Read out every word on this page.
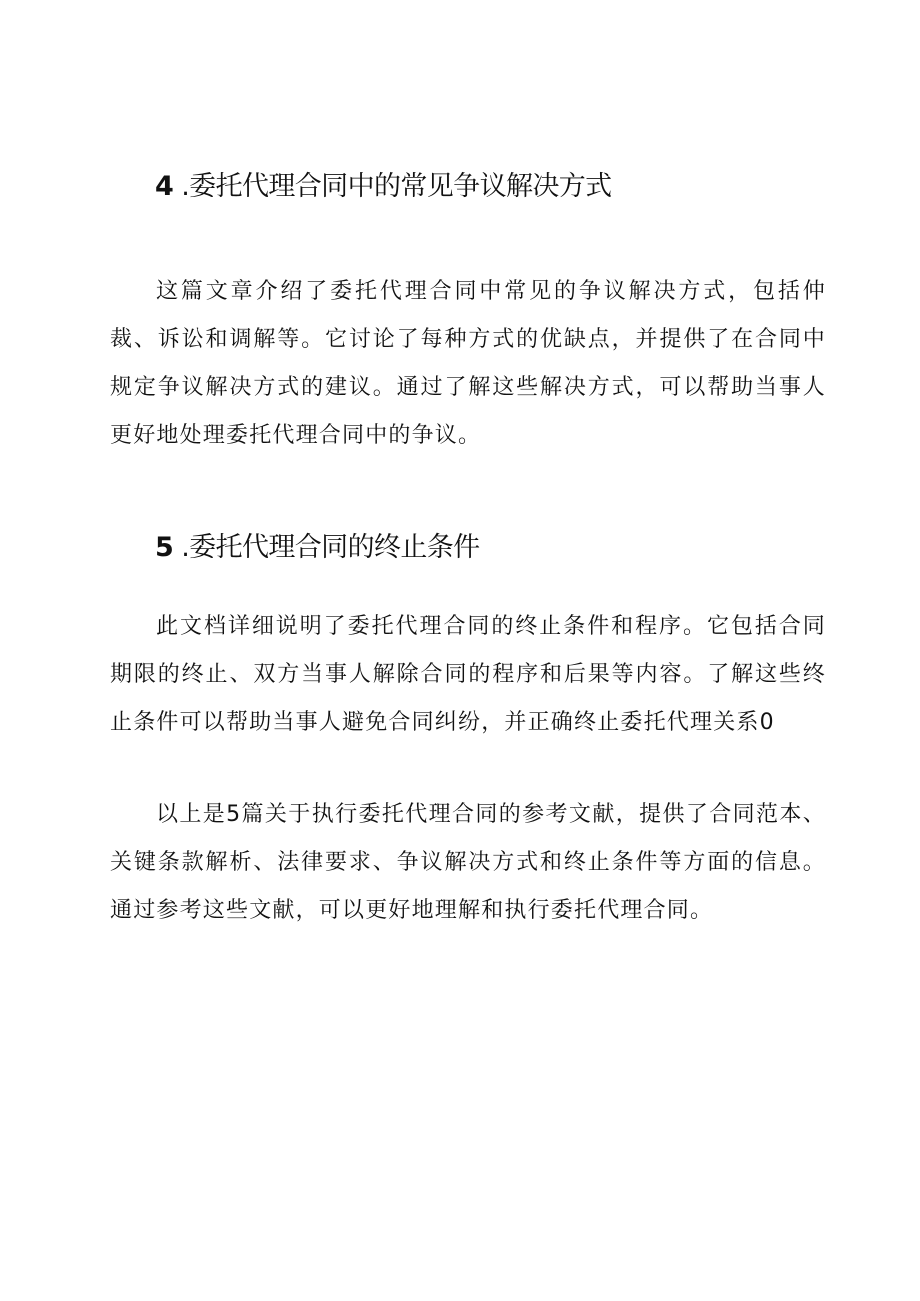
4 .委托代理合同中的常见争议解决方式

这篇文章介绍了委托代理合同中常见的争议解决方式，包括仲裁、诉讼和调解等。它讨论了每种方式的优缺点，并提供了在合同中规定争议解决方式的建议。通过了解这些解决方式，可以帮助当事人更好地处理委托代理合同中的争议。

5 .委托代理合同的终止条件

此文档详细说明了委托代理合同的终止条件和程序。它包括合同期限的终止、双方当事人解除合同的程序和后果等内容。了解这些终止条件可以帮助当事人避免合同纠纷，并正确终止委托代理关系0

以上是5篇关于执行委托代理合同的参考文献，提供了合同范本、关键条款解析、法律要求、争议解决方式和终止条件等方面的信息。通过参考这些文献，可以更好地理解和执行委托代理合同。
